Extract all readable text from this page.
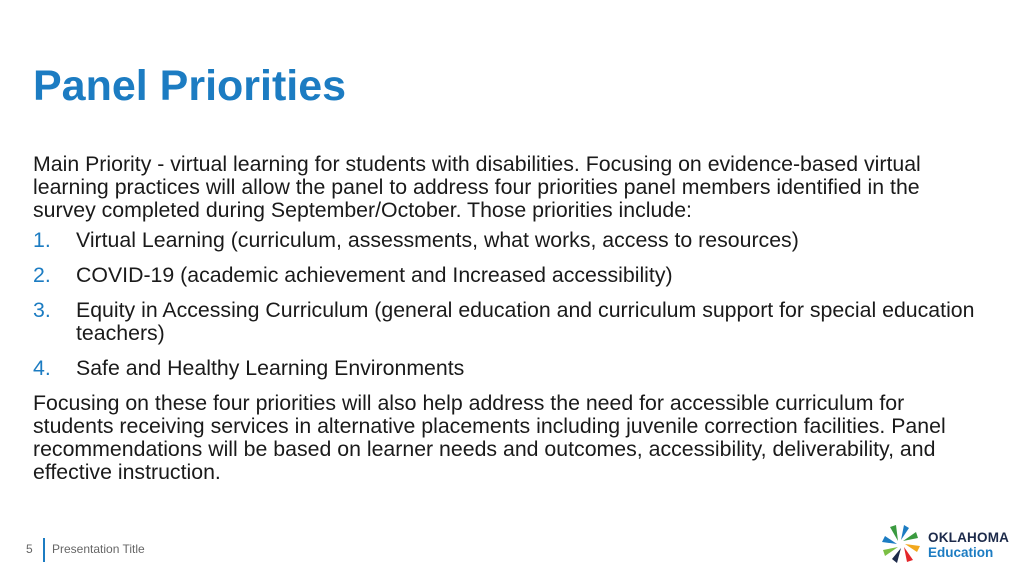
Panel Priorities

Main Priority - virtual learning for students with disabilities. Focusing on evidence-based virtual learning practices will allow the panel to address four priorities panel members identified in the survey completed during September/October. Those priorities include:

1. Virtual Learning (curriculum, assessments, what works, access to resources)
2. COVID-19 (academic achievement and Increased accessibility)
3. Equity in Accessing Curriculum (general education and curriculum support for special education teachers)
4. Safe and Healthy Learning Environments

Focusing on these four priorities will also help address the need for accessible curriculum for students receiving services in alternative placements including juvenile correction facilities. Panel recommendations will be based on learner needs and outcomes, accessibility, deliverability, and effective instruction.

5 Presentation Title
OKLAHOMA
Education
